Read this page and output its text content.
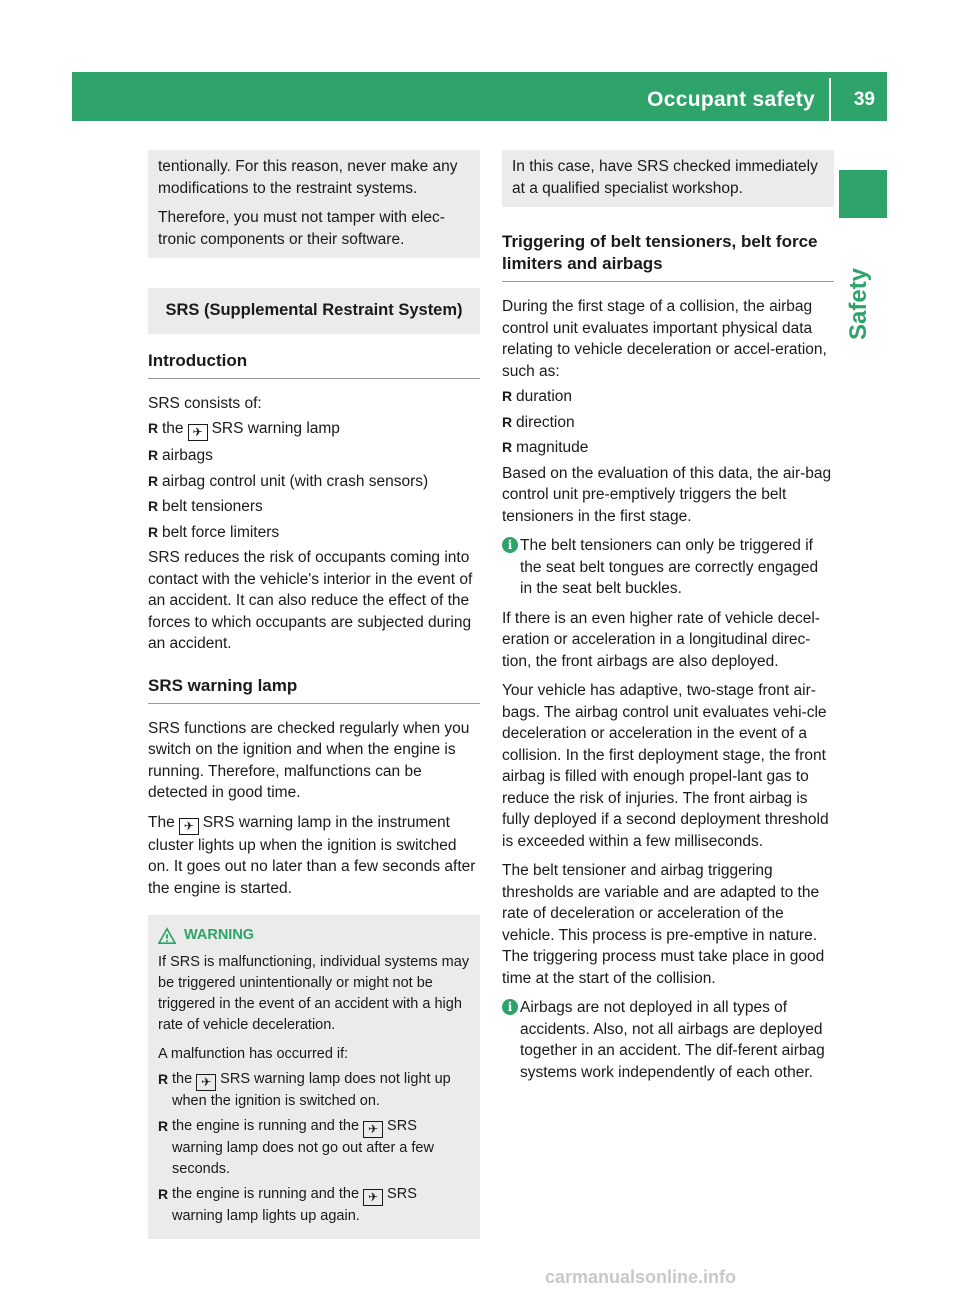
Occupant safety 39
Safety

tentionally. For this reason, never make any modifications to the restraint systems.

Therefore, you must not tamper with elec-tronic components or their software.

SRS (Supplemental Restraint System)
Introduction

SRS consists of:

R the ✈ SRS warning lamp
R airbags
R airbag control unit (with crash sensors)
R belt tensioners
R belt force limiters

SRS reduces the risk of occupants coming into contact with the vehicle's interior in the event of an accident. It can also reduce the effect of the forces to which occupants are subjected during an accident.

SRS warning lamp

SRS functions are checked regularly when you switch on the ignition and when the engine is running. Therefore, malfunctions can be detected in good time.

The ✈ SRS warning lamp in the instrument cluster lights up when the ignition is switched on. It goes out no later than a few seconds after the engine is started.

WARNING

If SRS is malfunctioning, individual systems may be triggered unintentionally or might not be triggered in the event of an accident with a high rate of vehicle deceleration.

A malfunction has occurred if:

R the ✈ SRS warning lamp does not light up when the ignition is switched on.
R the engine is running and the ✈ SRS warning lamp does not go out after a few seconds.
R the engine is running and the ✈ SRS warning lamp lights up again.

In this case, have SRS checked immediately at a qualified specialist workshop.

Triggering of belt tensioners, belt force limiters and airbags

During the first stage of a collision, the airbag control unit evaluates important physical data relating to vehicle deceleration or accel-eration, such as:

R duration
R direction
R magnitude

Based on the evaluation of this data, the air-bag control unit pre-emptively triggers the belt tensioners in the first stage.

i The belt tensioners can only be triggered if the seat belt tongues are correctly engaged in the seat belt buckles.

If there is an even higher rate of vehicle decel-eration or acceleration in a longitudinal direc-tion, the front airbags are also deployed.

Your vehicle has adaptive, two-stage front air-bags. The airbag control unit evaluates vehi-cle deceleration or acceleration in the event of a collision. In the first deployment stage, the front airbag is filled with enough propel-lant gas to reduce the risk of injuries. The front airbag is fully deployed if a second deployment threshold is exceeded within a few milliseconds.

The belt tensioner and airbag triggering thresholds are variable and are adapted to the rate of deceleration or acceleration of the vehicle. This process is pre-emptive in nature. The triggering process must take place in good time at the start of the collision.

i Airbags are not deployed in all types of accidents. Also, not all airbags are deployed together in an accident. The dif-ferent airbag systems work independently of each other.
carmanualsonline.info
